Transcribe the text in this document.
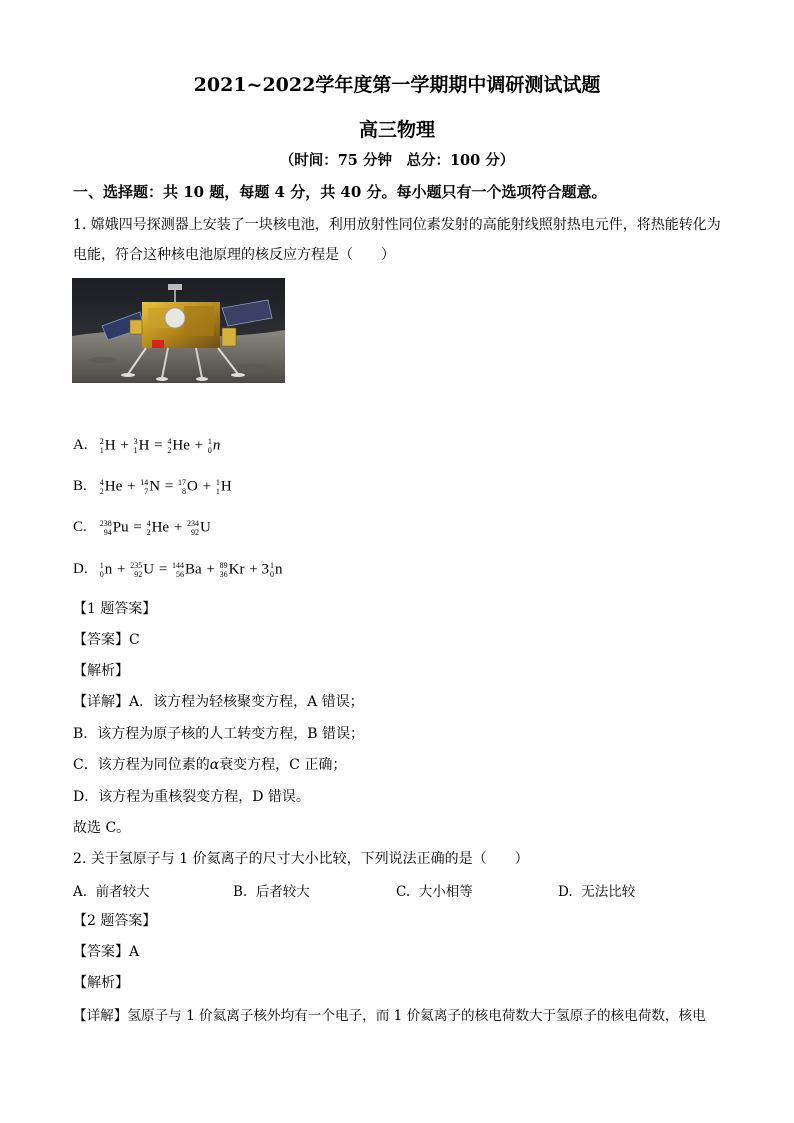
2021~2022学年度第一学期期中调研测试试题
高三物理
（时间：75 分钟　总分：100 分）
一、选择题：共 10 题，每题 4 分，共 40 分。每小题只有一个选项符合题意。
1. 嫦娥四号探测器上安装了一块核电池，利用放射性同位素发射的高能射线照射热电元件，将热能转化为
电能，符合这种核电池原理的核反应方程是（　　）
A. 2
1 H + 3
1 H = 4
2 He + 1
0 n
B. 4
2 He + 14
7 N = 17
8 O + 1
1 H
C. 238
94 Pu = 4
2 He + 234
92 U
D. 1
0 n + 235
92 U = 144
56 Ba + 89
36 Kr + 3 1
0 n
【1 题答案】
【答案】C
【解析】
【详解】A．该方程为轻核聚变方程，A 错误；
B．该方程为原子核的人工转变方程，B 错误；
C．该方程为同位素的α衰变方程，C 正确；
D．该方程为重核裂变方程，D 错误。
故选 C。
2. 关于氢原子与 1 价氦离子的尺寸大小比较，下列说法正确的是（　　）
A. 前者较大	B. 后者较大	C. 大小相等	D. 无法比较
【2 题答案】
【答案】A
【解析】
【详解】氢原子与 1 价氦离子核外均有一个电子，而 1 价氦离子的核电荷数大于氢原子的核电荷数，核电
